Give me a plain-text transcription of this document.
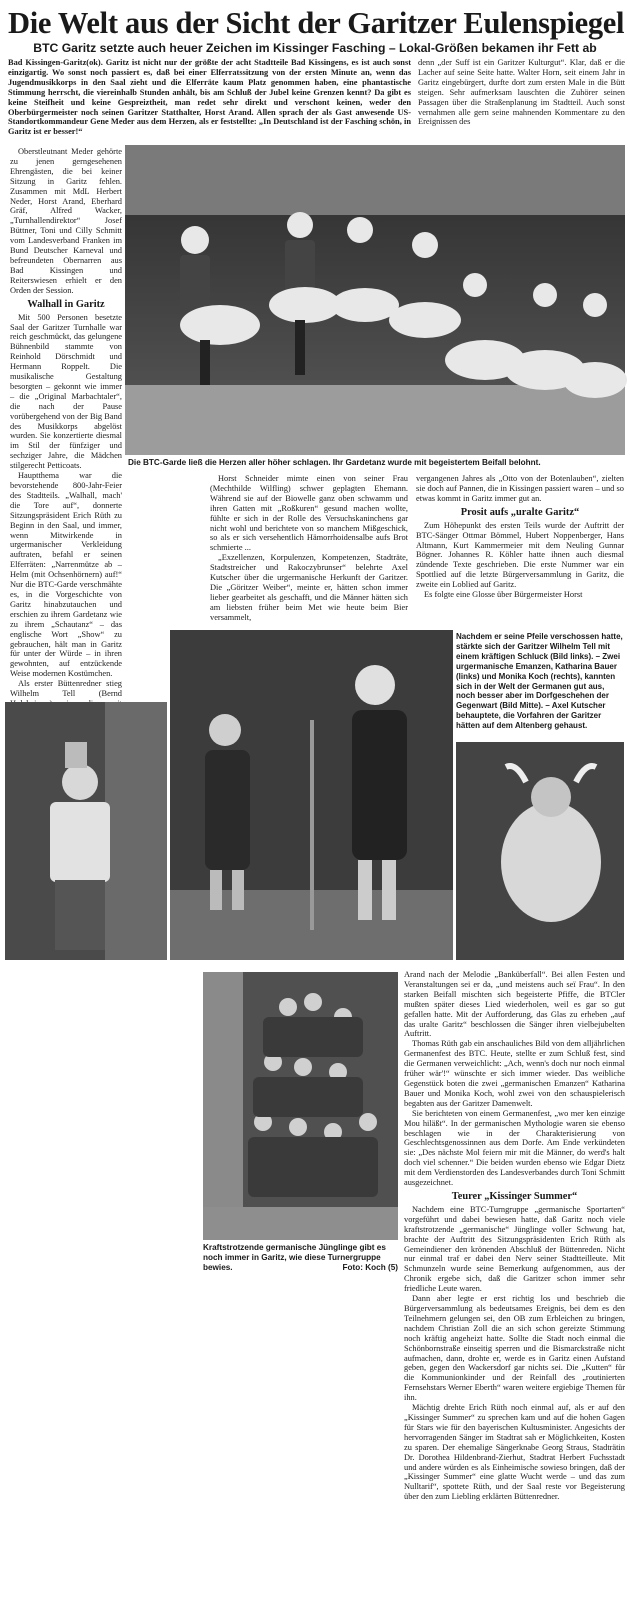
Die Welt aus der Sicht der Garitzer Eulenspiegel
BTC Garitz setzte auch heuer Zeichen im Kissinger Fasching – Lokal-Größen bekamen ihr Fett ab

Bad Kissingen-Garitz(ok). Garitz ist nicht nur der größte der acht Stadtteile Bad Kissingens, es ist auch sonst einzigartig. Wo sonst noch passiert es, daß bei einer Elferratssitzung von der ersten Minute an, wenn das Jugendmusikkorps in den Saal zieht und die Elferräte kaum Platz genommen haben, eine phantastische Stimmung herrscht, die viereinhalb Stunden anhält, bis am Schluß der Jubel keine Grenzen kennt? Da gibt es keine Steifheit und keine Gespreiztheit, man redet sehr direkt und verschont keinen, weder den Oberbürgermeister noch seinen Garitzer Statthalter, Horst Arand. Allen sprach der als Gast anwesende US-Standortkommandeur Gene Meder aus dem Herzen, als er feststellte: „In Deutschland ist der Fasching schön, in Garitz ist er besser!“

denn „der Suff ist ein Garitzer Kulturgut“. Klar, daß er die Lacher auf seine Seite hatte. Walter Horn, seit einem Jahr in Garitz eingebürgert, durfte dort zum ersten Male in die Bütt steigen. Sehr aufmerksam lauschten die Zuhörer seinen Passagen über die Straßenplanung im Stadtteil. Auch sonst vernahmen alle gern seine mahnenden Kommentare zu den Ereignissen des

Oberstleutnant Meder gehörte zu jenen gerngesehenen Ehrengästen, die bei keiner Sitzung in Garitz fehlen. Zusammen mit MdL Herbert Neder, Horst Arand, Eberhard Gräf, Alfred Wacker, „Turnhallendirektor“ Josef Büttner, Toni und Cilly Schmitt vom Landesverband Franken im Bund Deutscher Karneval und befreundeten Obernarren aus Bad Kissingen und Reiterswiesen erhielt er den Orden der Session.

Walhall in Garitz

Mit 500 Personen besetzte Saal der Garitzer Turnhalle war reich geschmückt, das gelungene Bühnenbild stammte von Reinhold Dörschmidt und Hermann Roppelt. Die musikalische Gestaltung besorgten – gekonnt wie immer – die „Original Marbachtaler“, die nach der Pause vorübergehend von der Big Band des Musikkorps abgelöst wurden. Sie konzertierte diesmal im Stil der fünfziger und sechziger Jahre, die Mädchen stilgerecht Petticoats.

Hauptthema war die bevorstehende 800-Jahr-Feier des Stadtteils. „Walhall, mach' die Tore auf“, donnerte Sitzungspräsident Erich Rüth zu Beginn in den Saal, und immer, wenn Mitwirkende in urgermanischer Verkleidung auftraten, befahl er seinen Elferräten: „Narrenmütze ab – Helm (mit Ochsenhörnern) auf!“ Nur die BTC-Garde verschmähte es, in die Vorgeschichte von Garitz hinabzutauchen und erschien zu ihrem Gardetanz wie zu ihrem „Schautanz“ – das englische Wort „Show“ zu gebrauchen, hält man in Garitz für unter der Würde – in ihren gewohnten, auf entzückende Weise modernen Kostümchen.

Als erster Büttenredner stieg Wilhelm Tell (Bernd

Die BTC-Garde ließ die Herzen aller höher schlagen. Ihr Gardetanz wurde mit begeistertem Beifall belohnt.

Horst Schneider mimte einen von seiner Frau (Mechthilde Wilfling) schwer geplagten Ehemann. Während sie auf der Biowelle ganz oben schwamm und ihren Gatten mit „Roßkuren“ gesund machen wollte, fühlte er sich in der Rolle des Versuchskaninchens gar nicht wohl und berichtete von so manchem Mißgeschick, so als er sich versehentlich Hämorrhoidensalbe aufs Brot schmierte ...

„Exzellenzen, Korpulenzen, Kompetenzen, Stadträte, Stadtstreicher und Rakoczybrunser“ belehrte Axel Kutscher über die urgermanische Herkunft der Garitzer. Die „Göritzer Weiber“, meinte er, hätten schon immer lieber gearbeitet als geschafft, und die Männer hätten sich am liebsten früher beim Met wie heute beim Bier versammelt,

vergangenen Jahres als „Otto von der Botenlauben“, zielten sie doch auf Pannen, die in Kissingen passiert waren – und so etwas kommt in Garitz immer gut an.

Prosit aufs „uralte Garitz“

Zum Höhepunkt des ersten Teils wurde der Auftritt der BTC-Sänger Ottmar Bömmel, Hubert Noppenberger, Hans Altmann, Kurt Kammermeier mit dem Neuling Gunnar Bögner. Johannes R. Köhler hatte ihnen auch diesmal zündende Texte geschrieben. Die erste Nummer war ein Spottlied auf die letzte Bürgerversammlung in Garitz, die zweite ein Loblied auf Garitz.

Es folgte eine Glosse über Bürgermeister Horst

Nachdem er seine Pfeile verschossen hatte, stärkte sich der Garitzer Wilhelm Tell mit einem kräftigen Schluck (Bild links). – Zwei urgermanische Emanzen, Katharina Bauer (links) und Monika Koch (rechts), kannten sich in der Welt der Germanen gut aus, noch besser aber im Dorfgeschehen der Gegenwart (Bild Mitte). – Axel Kutscher behauptete, die Vorfahren der Garitzer hätten auf dem Altenberg gehaust.
Kraftstrotzende germanische Jünglinge gibt es noch immer in Garitz, wie diese Turnergruppe bewies.	Foto: Koch (5)

Arand nach der Melodie „Banküberfall“. Bei allen Festen und Veranstaltungen sei er da, „und meistens auch seï Frau“. In den starken Beifall mischten sich begeisterte Pfiffe, die BTCler mußten später dieses Lied wiederholen, weil es gar so gut gefallen hatte. Mit der Aufforderung, das Glas zu erheben „auf das uralte Garitz“ beschlossen die Sänger ihren vielbejubelten Auftritt.

Thomas Rüth gab ein anschauliches Bild von dem alljährlichen Germanenfest des BTC. Heute, stellte er zum Schluß fest, sind die Germanen verweichlicht: „Ach, wenn's doch nur noch einmal früher wär'!“ wünschte er sich immer wieder. Das weibliche Gegenstück boten die zwei „germanischen Emanzen“ Katharina Bauer und Monika Koch, wohl zwei von den schauspielerisch begabten aus der Garitzer Damenwelt.

Sie berichteten von einem Germanenfest, „wo mer ken einzige Mou hiläßt“. In der germanischen Mythologie waren sie ebenso beschlagen wie in der Charakterisierung von Geschlechtsgenossinnen aus dem Dorfe. Am Ende verkündeten sie: „Des nächste Mol feiern mir mit die Männer, do werd's halt doch viel schenner.“ Die beiden wurden ebenso wie Edgar Dietz mit dem Verdienstorden des Landesverbandes durch Toni Schmitt ausgezeichnet.

Teurer „Kissinger Summer“

Nachdem eine BTC-Turngruppe „germanische Sportarten“ vorgeführt und dabei bewiesen hatte, daß Garitz noch viele kraftstrotzende „germanische“ Jünglinge voller Schwung hat, brachte der Auftritt des Sitzungspräsidenten Erich Rüth als Gemeindiener den krönenden Abschluß der Büttenreden. Nicht nur einmal traf er dabei den Nerv seiner Stadtteilleute. Mit Schmunzeln wurde seine Bemerkung aufgenommen, aus der Chronik ergebe sich, daß die Garitzer schon immer sehr friedliche Leute waren.

Dann aber legte er erst richtig los und beschrieb die Bürgerversammlung als bedeutsames Ereignis, bei dem es den Teilnehmern gelungen sei, den OB zum Erbleichen zu bringen, nachdem Christian Zoll die an sich schon gereizte Stimmung noch kräftig angeheizt hatte. Sollte die Stadt noch einmal die Schönbornstraße einseitig sperren und die Bismarckstraße nicht aufmachen, dann, drohte er, werde es in Garitz einen Aufstand geben, gegen den Wackersdorf gar nichts sei. Die „Kutten“ für die Kommunionkinder und der Reinfall des „routinierten Fernsehstars Werner Eberth“ waren weitere ergiebige Themen für ihn.

Mächtig drehte Erich Rüth noch einmal auf, als er auf den „Kissinger Summer“ zu sprechen kam und auf die hohen Gagen für Stars wie für den bayerischen Kultusminister. Angesichts der hervorragenden Sänger im Stadtrat sah er Möglichkeiten, Kosten zu sparen. Der ehemalige Sängerknabe Georg Straus, Stadträtin Dr. Dorothea Hildenbrand-Zierhut, Stadtrat Herbert Fuchsstadt und andere würden es als Einheimische sowieso bringen, daß der „Kissinger Summer“ eine glatte Wucht werde – und das zum Nulltarif“, spottete Rüth, und der Saal reste vor Begeisterung über den zum Liebling erklärten Büttenredner.
